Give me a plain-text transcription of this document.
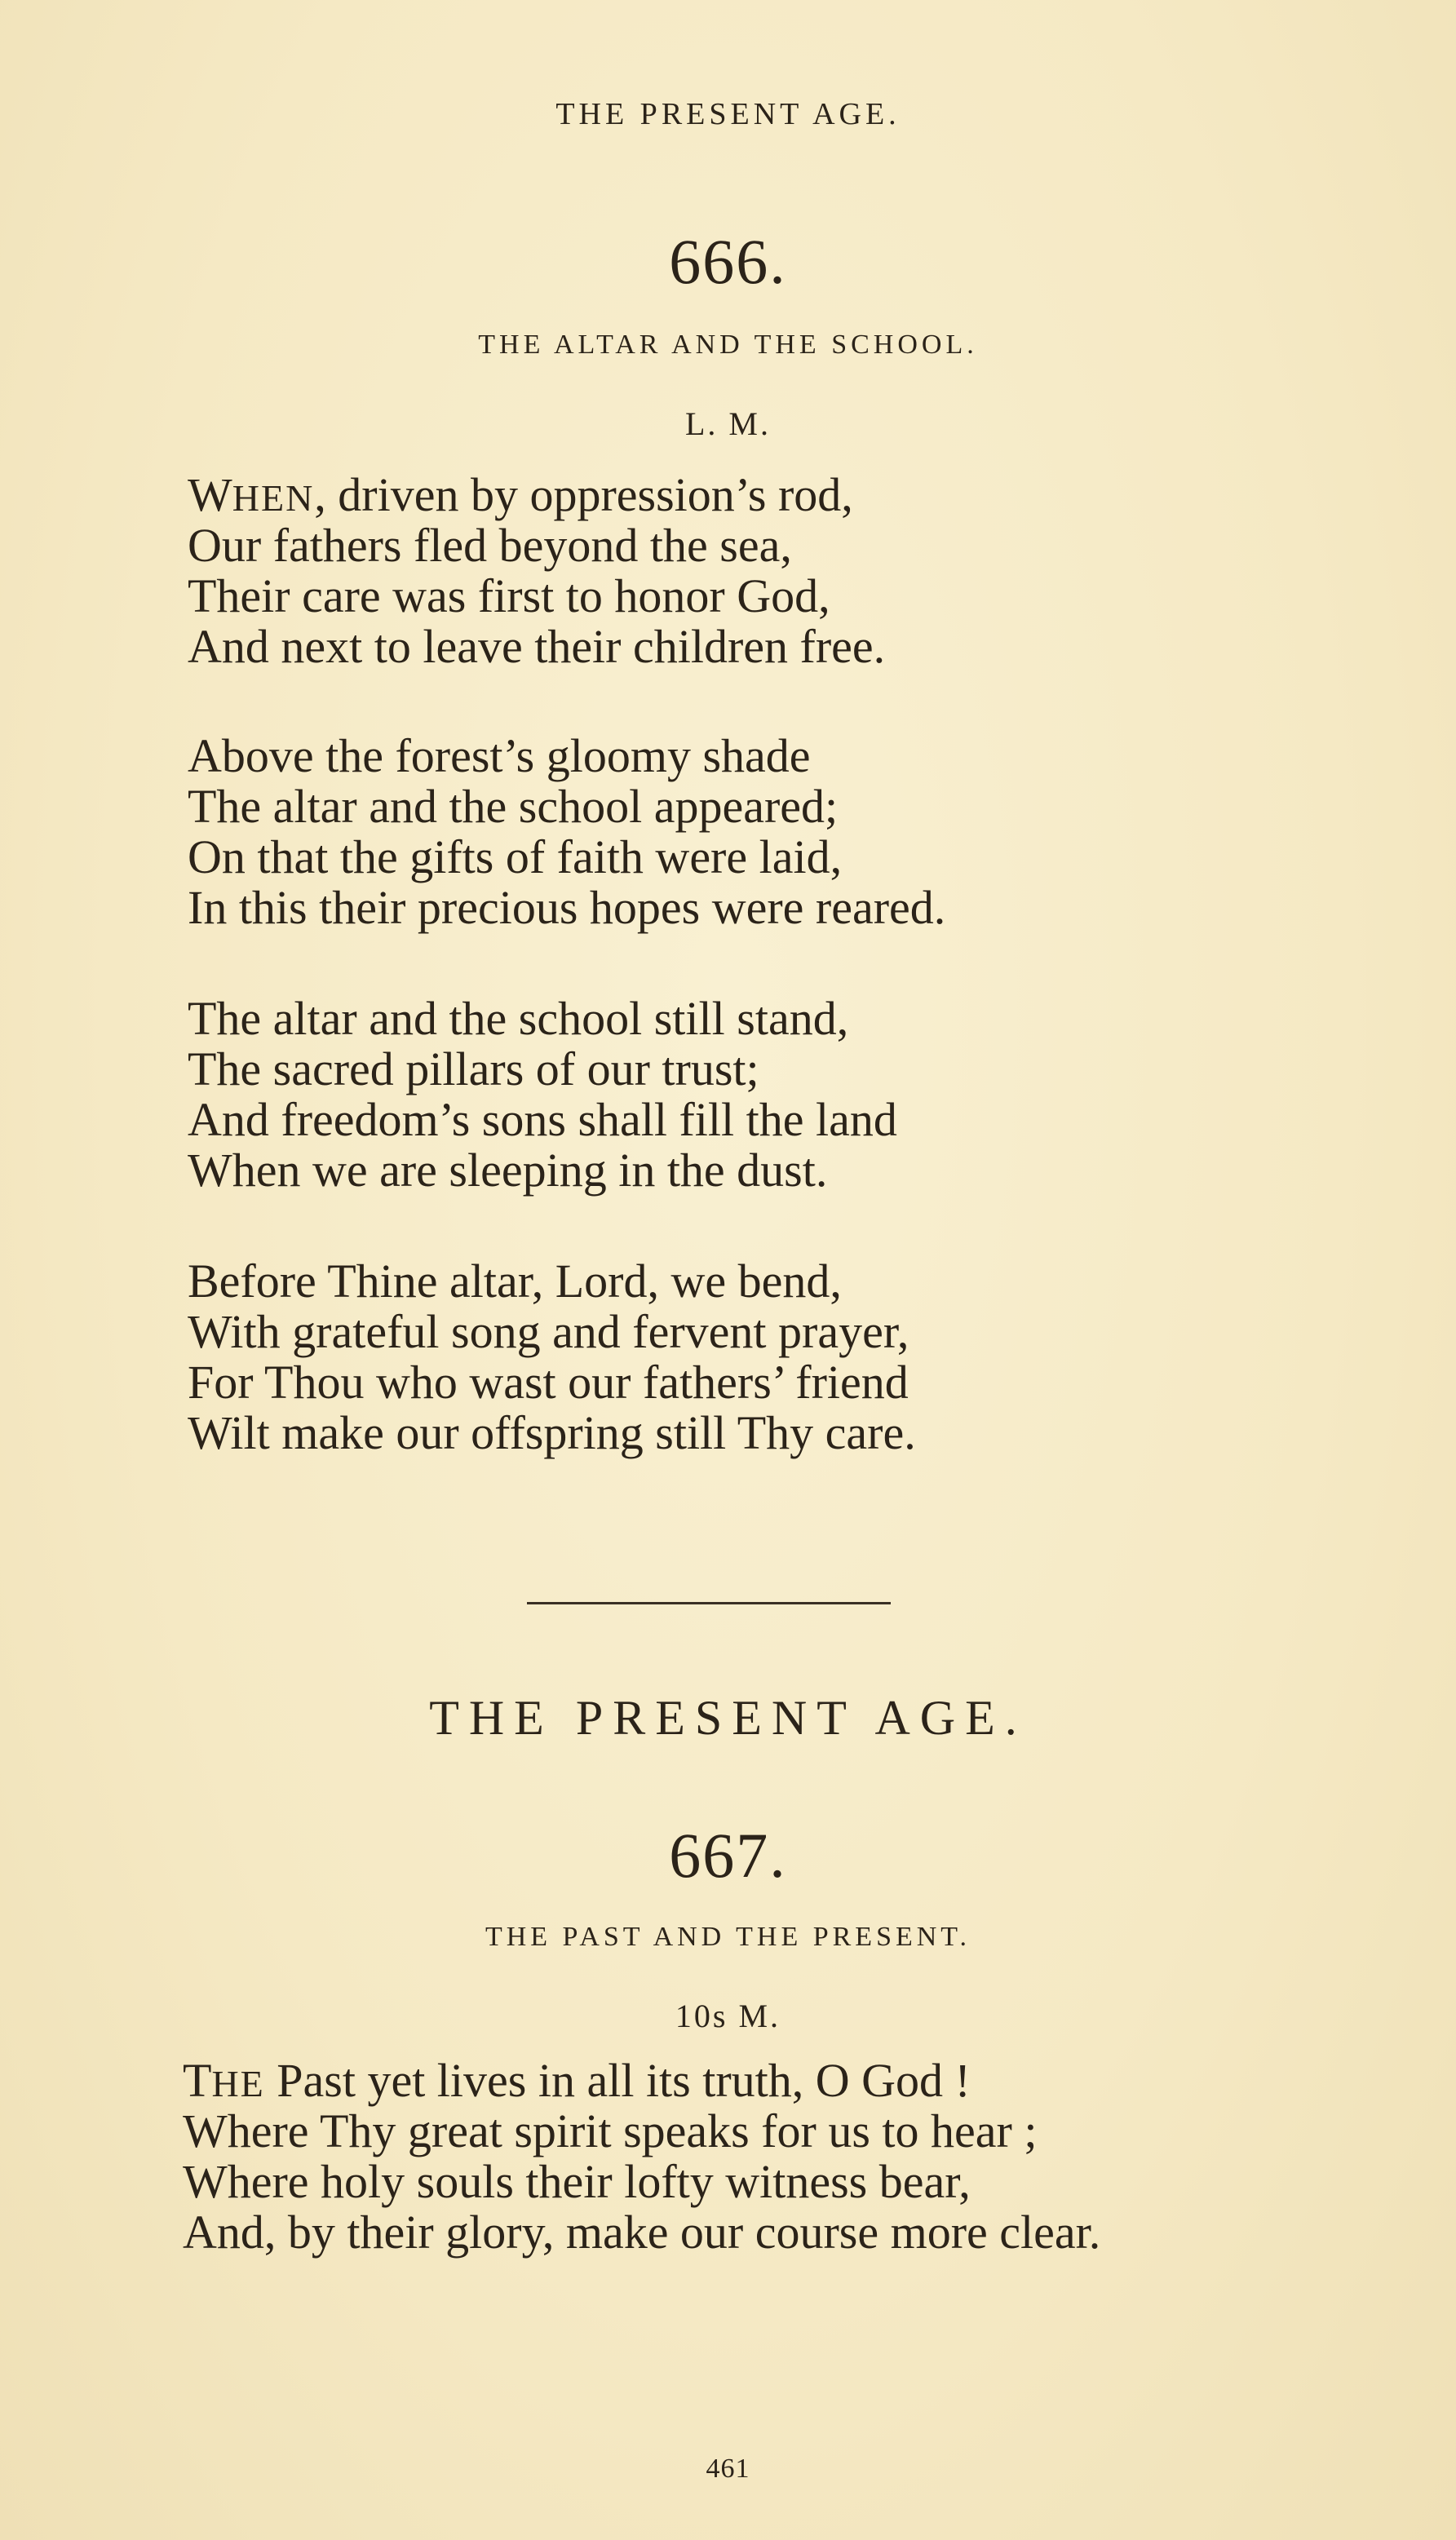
THE PRESENT AGE.
666.
THE ALTAR AND THE SCHOOL.
L. M.
WHEN, driven by oppression’s rod,
Our fathers fled beyond the sea,
Their care was first to honor God,
And next to leave their children free.
Above the forest’s gloomy shade
The altar and the school appeared;
On that the gifts of faith were laid,
In this their precious hopes were reared.
The altar and the school still stand,
The sacred pillars of our trust;
And freedom’s sons shall fill the land
When we are sleeping in the dust.
Before Thine altar, Lord, we bend,
With grateful song and fervent prayer,
For Thou who wast our fathers’ friend
Wilt make our offspring still Thy care.
THE PRESENT AGE.
667.
THE PAST AND THE PRESENT.
10s M.
THE Past yet lives in all its truth, O God !
Where Thy great spirit speaks for us to hear ;
Where holy souls their lofty witness bear,
And, by their glory, make our course more clear.
461
